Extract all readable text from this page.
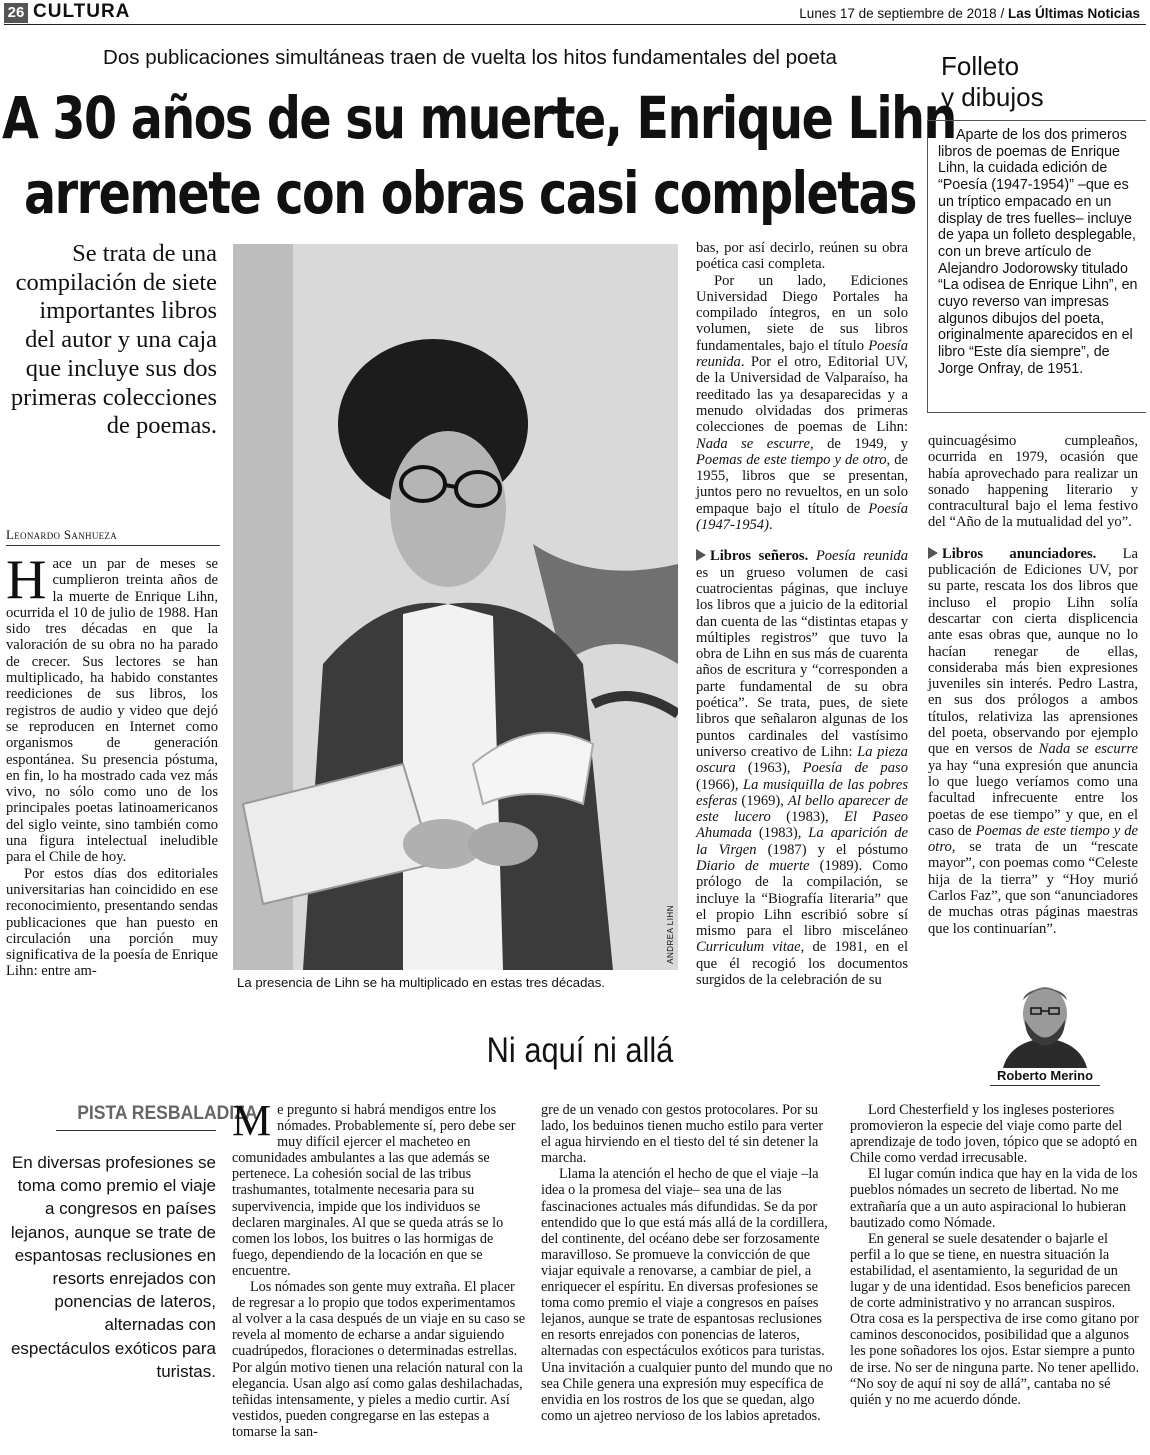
26 CULTURA	Lunes 17 de septiembre de 2018 / Las Últimas Noticias
Dos publicaciones simultáneas traen de vuelta los hitos fundamentales del poeta
A 30 años de su muerte, Enrique Lihn
arremete con obras casi completas
Se trata de una compilación de siete importantes libros del autor y una caja que incluye sus dos primeras colecciones de poemas.
Leonardo Sanhueza

Hace un par de meses se cumplieron treinta años de la muerte de Enrique Lihn, ocurrida el 10 de julio de 1988. Han sido tres décadas en que la valoración de su obra no ha parado de crecer. Sus lectores se han multiplicado, ha habido constantes reediciones de sus libros, los registros de audio y video que dejó se reproducen en Internet como organismos de generación espontánea. Su presencia póstuma, en fin, lo ha mostrado cada vez más vivo, no sólo como uno de los principales poetas latinoamericanos del siglo veinte, sino también como una figura intelectual ineludible para el Chile de hoy.

Por estos días dos editoriales universitarias han coincidido en ese reconocimiento, presentando sendas publicaciones que han puesto en circulación una porción muy significativa de la poesía de Enrique Lihn: entre am-

ANDREA LIHN
La presencia de Lihn se ha multiplicado en estas tres décadas.

bas, por así decirlo, reúnen su obra poética casi completa.

Por un lado, Ediciones Universidad Diego Portales ha compilado íntegros, en un solo volumen, siete de sus libros fundamentales, bajo el título Poesía reunida. Por el otro, Editorial UV, de la Universidad de Valparaíso, ha reeditado las ya desaparecidas y a menudo olvidadas dos primeras colecciones de poemas de Lihn: Nada se escurre, de 1949, y Poemas de este tiempo y de otro, de 1955, libros que se presentan, juntos pero no revueltos, en un solo empaque bajo el título de Poesía (1947-1954).

Libros señeros. Poesía reunida es un grueso volumen de casi cuatrocientas páginas, que incluye los libros que a juicio de la editorial dan cuenta de las “distintas etapas y múltiples registros” que tuvo la obra de Lihn en sus más de cuarenta años de escritura y “corresponden a parte fundamental de su obra poética”. Se trata, pues, de siete libros que señalaron algunas de los puntos cardinales del vastísimo universo creativo de Lihn: La pieza oscura (1963), Poesía de paso (1966), La musiquilla de las pobres esferas (1969), Al bello aparecer de este lucero (1983), El Paseo Ahumada (1983), La aparición de la Virgen (1987) y el póstumo Diario de muerte (1989). Como prólogo de la compilación, se incluye la “Biografía literaria” que el propio Lihn escribió sobre sí mismo para el libro misceláneo Curriculum vitae, de 1981, en el que él recogió los documentos surgidos de la celebración de su

Folleto
y dibujos
Aparte de los dos primeros libros de poemas de Enrique Lihn, la cuidada edición de “Poesía (1947-1954)” –que es un tríptico empacado en un display de tres fuelles– incluye de yapa un folleto desplegable, con un breve artículo de Alejandro Jodorowsky titulado “La odisea de Enrique Lihn”, en cuyo reverso van impresas algunos dibujos del poeta, originalmente aparecidos en el libro “Este día siempre”, de Jorge Onfray, de 1951.

quincuagésimo cumpleaños, ocurrida en 1979, ocasión que había aprovechado para realizar un sonado happening literario y contracultural bajo el lema festivo del “Año de la mutualidad del yo”.

Libros anunciadores. La publicación de Ediciones UV, por su parte, rescata los dos libros que incluso el propio Lihn solía descartar con cierta displicencia ante esas obras que, aunque no lo hacían renegar de ellas, consideraba más bien expresiones juveniles sin interés. Pedro Lastra, en sus dos prólogos a ambos títulos, relativiza las aprensiones del poeta, observando por ejemplo que en versos de Nada se escurre ya hay “una expresión que anuncia lo que luego veríamos como una facultad infrecuente entre los poetas de ese tiempo” y que, en el caso de Poemas de este tiempo y de otro, se trata de un “rescate mayor”, con poemas como “Celeste hija de la tierra” y “Hoy murió Carlos Faz”, que son “anunciadores de muchas otras páginas maestras que los continuarían”.

Ni aquí ni allá
Roberto Merino
PISTA RESBALADIZA
En diversas profesiones se toma como premio el viaje a congresos en países lejanos, aunque se trate de espantosas reclusiones en resorts enrejados con ponencias de lateros, alternadas con espectáculos exóticos para turistas.

Me pregunto si habrá mendigos entre los nómades. Probablemente sí, pero debe ser muy difícil ejercer el macheteo en comunidades ambulantes a las que además se pertenece. La cohesión social de las tribus trashumantes, totalmente necesaria para su supervivencia, impide que los individuos se declaren marginales. Al que se queda atrás se lo comen los lobos, los buitres o las hormigas de fuego, dependiendo de la locación en que se encuentre.

Los nómades son gente muy extraña. El placer de regresar a lo propio que todos experimentamos al volver a la casa después de un viaje en su caso se revela al momento de echarse a andar siguiendo cuadrúpedos, floraciones o determinadas estrellas. Por algún motivo tienen una relación natural con la elegancia. Usan algo así como galas deshilachadas, teñidas intensamente, y pieles a medio curtir. Así vestidos, pueden congregarse en las estepas a tomarse la san-

gre de un venado con gestos protocolares. Por su lado, los beduinos tienen mucho estilo para verter el agua hirviendo en el tiesto del té sin detener la marcha.

Llama la atención el hecho de que el viaje –la idea o la promesa del viaje– sea una de las fascinaciones actuales más difundidas. Se da por entendido que lo que está más allá de la cordillera, del continente, del océano debe ser forzosamente maravilloso. Se promueve la convicción de que viajar equivale a renovarse, a cambiar de piel, a enriquecer el espíritu. En diversas profesiones se toma como premio el viaje a congresos en países lejanos, aunque se trate de espantosas reclusiones en resorts enrejados con ponencias de lateros, alternadas con espectáculos exóticos para turistas. Una invitación a cualquier punto del mundo que no sea Chile genera una expresión muy específica de envidia en los rostros de los que se quedan, algo como un ajetreo nervioso de los labios apretados.

Lord Chesterfield y los ingleses posteriores promovieron la especie del viaje como parte del aprendizaje de todo joven, tópico que se adoptó en Chile como verdad irrecusable.

El lugar común indica que hay en la vida de los pueblos nómades un secreto de libertad. No me extrañaría que a un auto aspiracional lo hubieran bautizado como Nómade.

En general se suele desatender o bajarle el perfil a lo que se tiene, en nuestra situación la estabilidad, el asentamiento, la seguridad de un lugar y de una identidad. Esos beneficios parecen de corte administrativo y no arrancan suspiros. Otra cosa es la perspectiva de irse como gitano por caminos desconocidos, posibilidad que a algunos les pone soñadores los ojos. Estar siempre a punto de irse. No ser de ninguna parte. No tener apellido. “No soy de aquí ni soy de allá”, cantaba no sé quién y no me acuerdo dónde.
